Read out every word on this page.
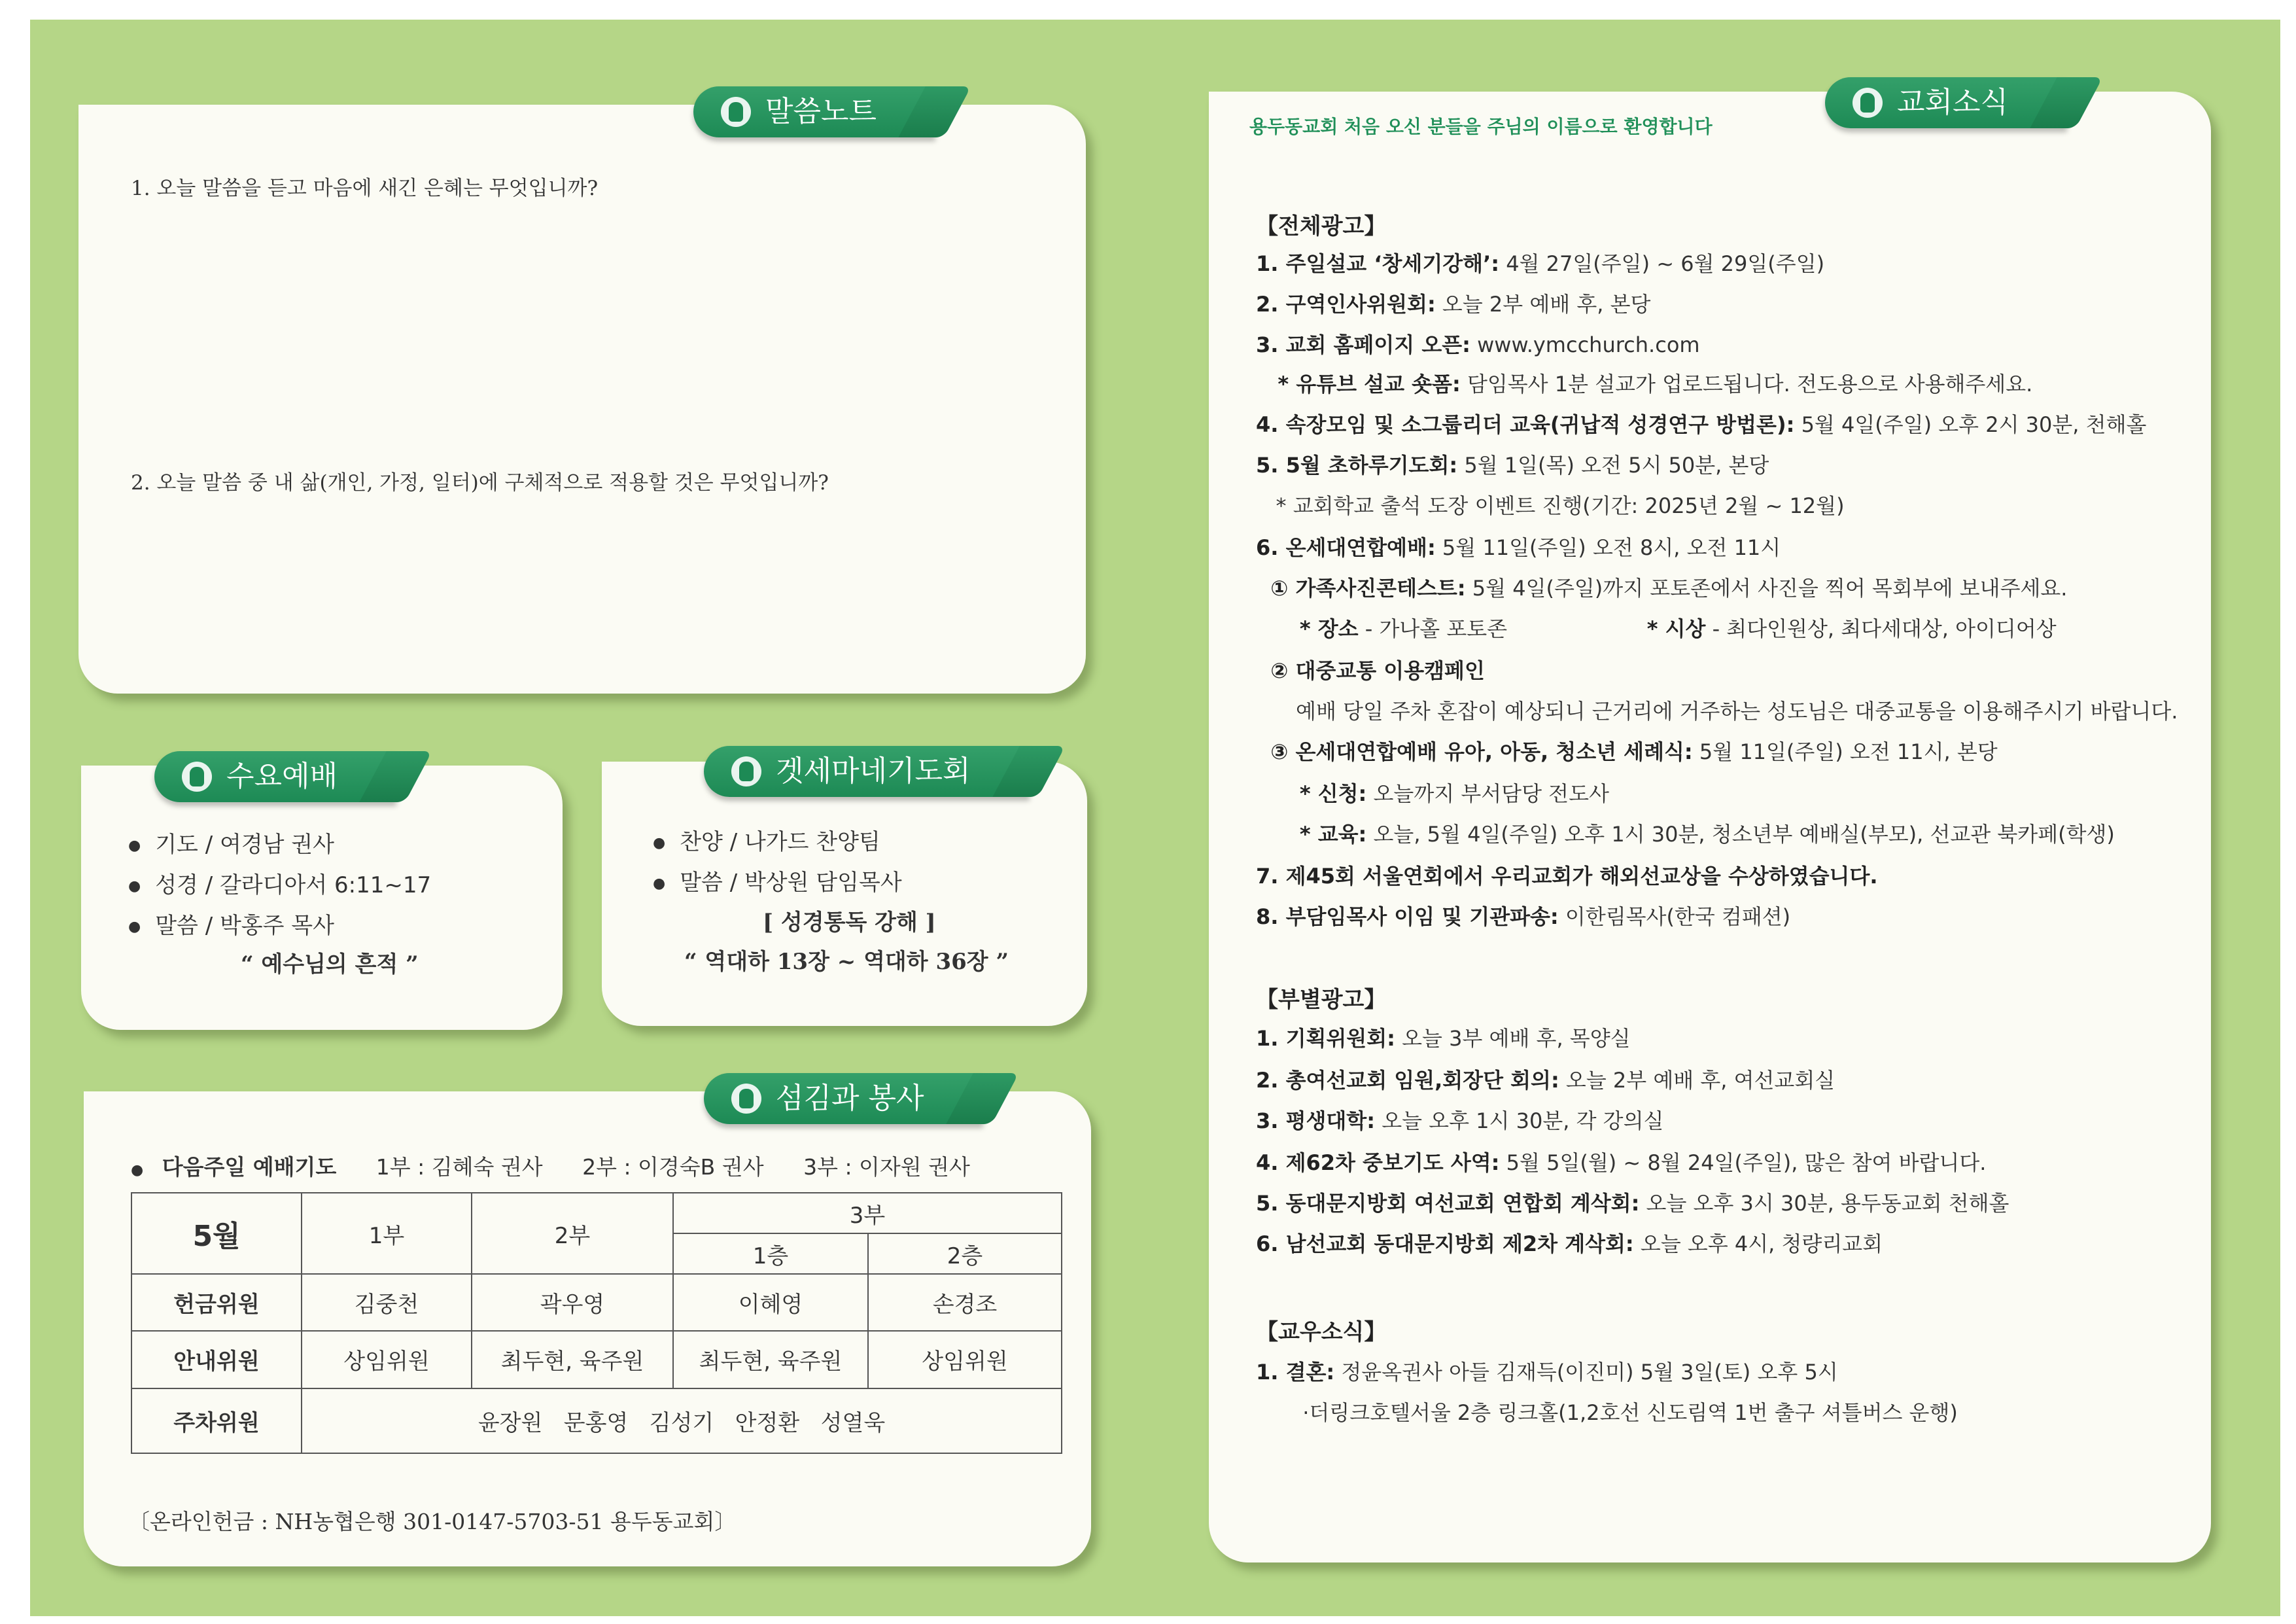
말씀노트
1. 오늘 말씀을 듣고 마음에 새긴 은혜는 무엇입니까?
2. 오늘 말씀 중 내 삶(개인, 가정, 일터)에 구체적으로 적용할 것은 무엇입니까?
수요예배
● 기도 / 여경남 권사
● 성경 / 갈라디아서 6:11~17
● 말씀 / 박홍주 목사
“ 예수님의 흔적 ”
겟세마네기도회
● 찬양 / 나가드 찬양팀
● 말씀 / 박상원 담임목사
[ 성경통독 강해 ]
“ 역대하 13장 ~ 역대하 36장 ”
섬김과 봉사
● 다음주일 예배기도 1부 : 김혜숙 권사 2부 : 이경숙B 권사 3부 : 이자원 권사
5월	1부	2부	3부	
			1층	2층
헌금위원	김중천	곽우영	이혜영	손경조
안내위원	상임위원	최두현, 육주원	최두현, 육주원	상임위원
주차위원	윤장원   문홍영   김성기   안정환   성열욱			
〔온라인헌금 : NH농협은행 301-0147-5703-51 용두동교회〕
교회소식
용두동교회 처음 오신 분들을 주님의 이름으로 환영합니다
【전체광고】
1. 주일설교 ‘창세기강해’: 4월 27일(주일) ~ 6월 29일(주일)
2. 구역인사위원회: 오늘 2부 예배 후, 본당
3. 교회 홈페이지 오픈: www.ymcchurch.com
* 유튜브 설교 숏폼: 담임목사 1분 설교가 업로드됩니다. 전도용으로 사용해주세요.
4. 속장모임 및 소그룹리더 교육(귀납적 성경연구 방법론): 5월 4일(주일) 오후 2시 30분, 천해홀
5. 5월 초하루기도회: 5월 1일(목) 오전 5시 50분, 본당
* 교회학교 출석 도장 이벤트 진행(기간: 2025년 2월 ~ 12월)
6. 온세대연합예배: 5월 11일(주일) 오전 8시, 오전 11시
① 가족사진콘테스트: 5월 4일(주일)까지 포토존에서 사진을 찍어 목회부에 보내주세요.
* 장소 - 가나홀 포토존                     * 시상 - 최다인원상, 최다세대상, 아이디어상
② 대중교통 이용캠페인
예배 당일 주차 혼잡이 예상되니 근거리에 거주하는 성도님은 대중교통을 이용해주시기 바랍니다.
③ 온세대연합예배 유아, 아동, 청소년 세례식: 5월 11일(주일) 오전 11시, 본당
* 신청: 오늘까지 부서담당 전도사
* 교육: 오늘, 5월 4일(주일) 오후 1시 30분, 청소년부 예배실(부모), 선교관 북카페(학생)
7. 제45회 서울연회에서 우리교회가 해외선교상을 수상하였습니다.
8. 부담임목사 이임 및 기관파송: 이한림목사(한국 컴패션)
【부별광고】
1. 기획위원회: 오늘 3부 예배 후, 목양실
2. 총여선교회 임원,회장단 회의: 오늘 2부 예배 후, 여선교회실
3. 평생대학: 오늘 오후 1시 30분, 각 강의실
4. 제62차 중보기도 사역: 5월 5일(월) ~ 8월 24일(주일), 많은 참여 바랍니다.
5. 동대문지방회 여선교회 연합회 계삭회: 오늘 오후 3시 30분, 용두동교회 천해홀
6. 남선교회 동대문지방회 제2차 계삭회: 오늘 오후 4시, 청량리교회
【교우소식】
1. 결혼: 정윤옥권사 아들 김재득(이진미) 5월 3일(토) 오후 5시
·더링크호텔서울 2층 링크홀(1,2호선 신도림역 1번 출구 셔틀버스 운행)
